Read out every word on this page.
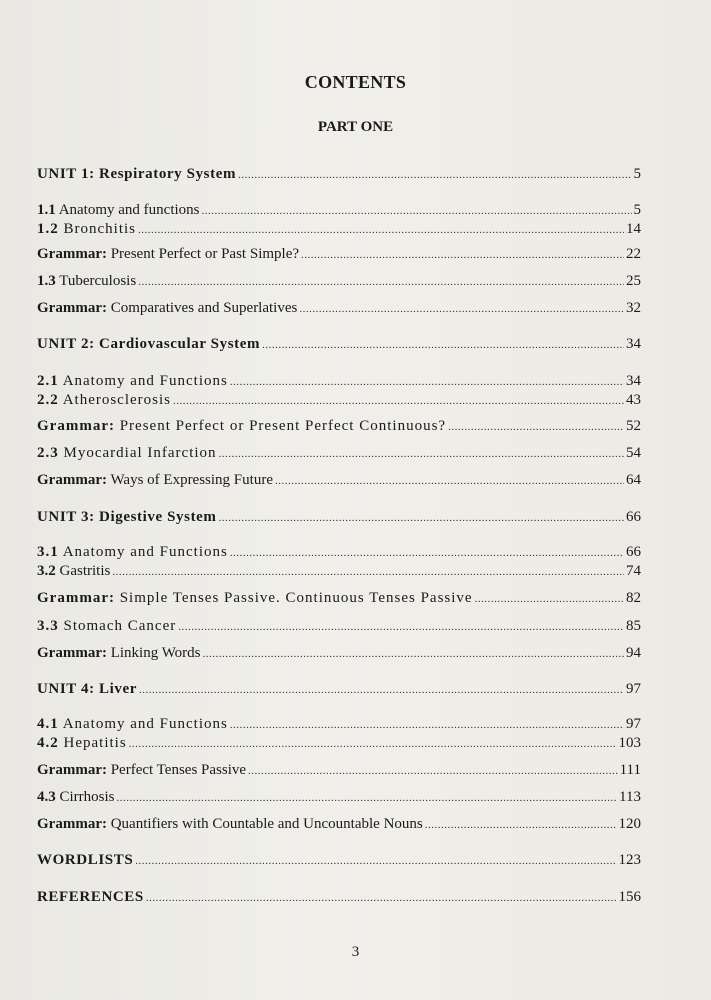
CONTENTS
PART ONE
UNIT 1: Respiratory System .....	5
1.1 Anatomy and functions .....	5
1.2 Bronchitis .....	14
Grammar: Present Perfect or Past Simple? .....	22
1.3 Tuberculosis .....	25
Grammar: Comparatives and Superlatives .....	32
UNIT 2: Cardiovascular System .....	34
2.1 Anatomy and Functions .....	34
2.2 Atherosclerosis .....	43
Grammar: Present Perfect or Present Perfect Continuous? .....	52
2.3 Myocardial Infarction .....	54
Grammar: Ways of Expressing Future .....	64
UNIT 3: Digestive System .....	66
3.1 Anatomy and Functions .....	66
3.2 Gastritis .....	74
Grammar: Simple Tenses Passive. Continuous Tenses Passive .....	82
3.3 Stomach Cancer .....	85
Grammar: Linking Words .....	94
UNIT 4: Liver .....	97
4.1 Anatomy and Functions .....	97
4.2 Hepatitis .....	103
Grammar: Perfect Tenses Passive .....	111
4.3 Cirrhosis .....	113
Grammar: Quantifiers with Countable and Uncountable Nouns .....	120
WORDLISTS .....	123
REFERENCES .....	156
3
